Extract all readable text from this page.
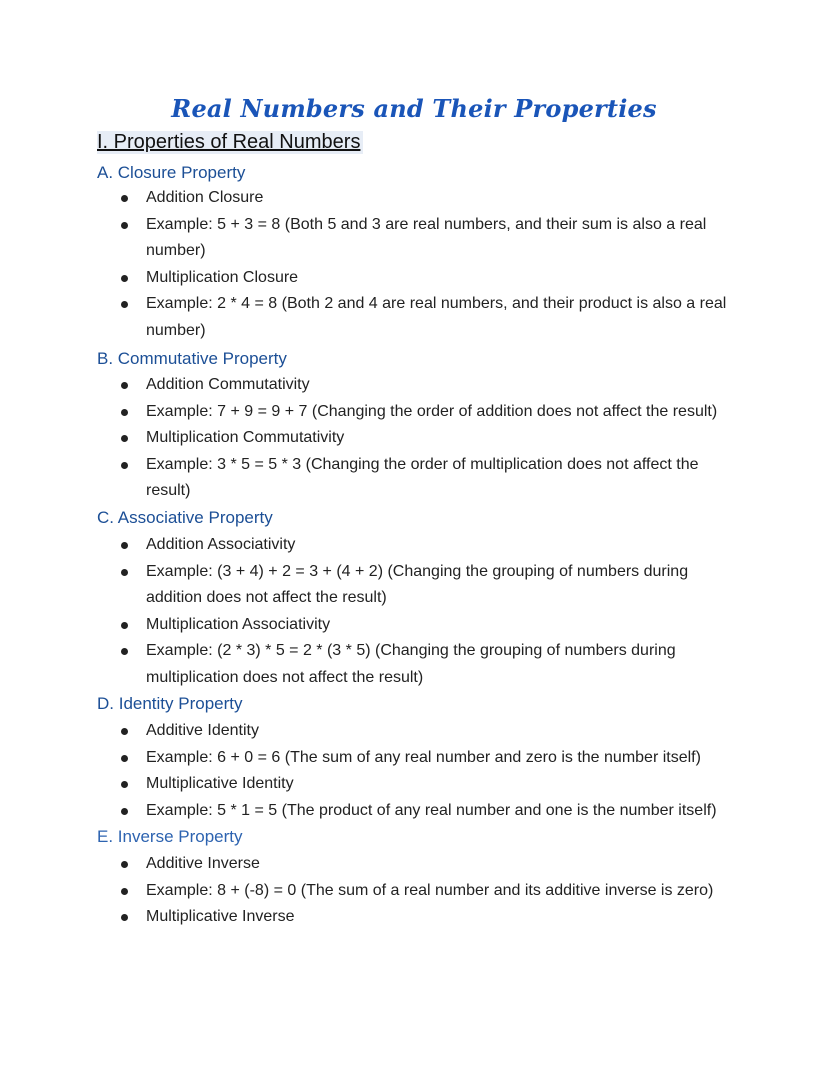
Real Numbers and Their Properties
I. Properties of Real Numbers
A. Closure Property
Addition Closure
Example: 5 + 3 = 8 (Both 5 and 3 are real numbers, and their sum is also a real number)
Multiplication Closure
Example: 2 * 4 = 8 (Both 2 and 4 are real numbers, and their product is also a real number)
B. Commutative Property
Addition Commutativity
Example: 7 + 9 = 9 + 7 (Changing the order of addition does not affect the result)
Multiplication Commutativity
Example: 3 * 5 = 5 * 3 (Changing the order of multiplication does not affect the result)
C. Associative Property
Addition Associativity
Example: (3 + 4) + 2 = 3 + (4 + 2) (Changing the grouping of numbers during addition does not affect the result)
Multiplication Associativity
Example: (2 * 3) * 5 = 2 * (3 * 5) (Changing the grouping of numbers during multiplication does not affect the result)
D. Identity Property
Additive Identity
Example: 6 + 0 = 6 (The sum of any real number and zero is the number itself)
Multiplicative Identity
Example: 5 * 1 = 5 (The product of any real number and one is the number itself)
E. Inverse Property
Additive Inverse
Example: 8 + (-8) = 0 (The sum of a real number and its additive inverse is zero)
Multiplicative Inverse
